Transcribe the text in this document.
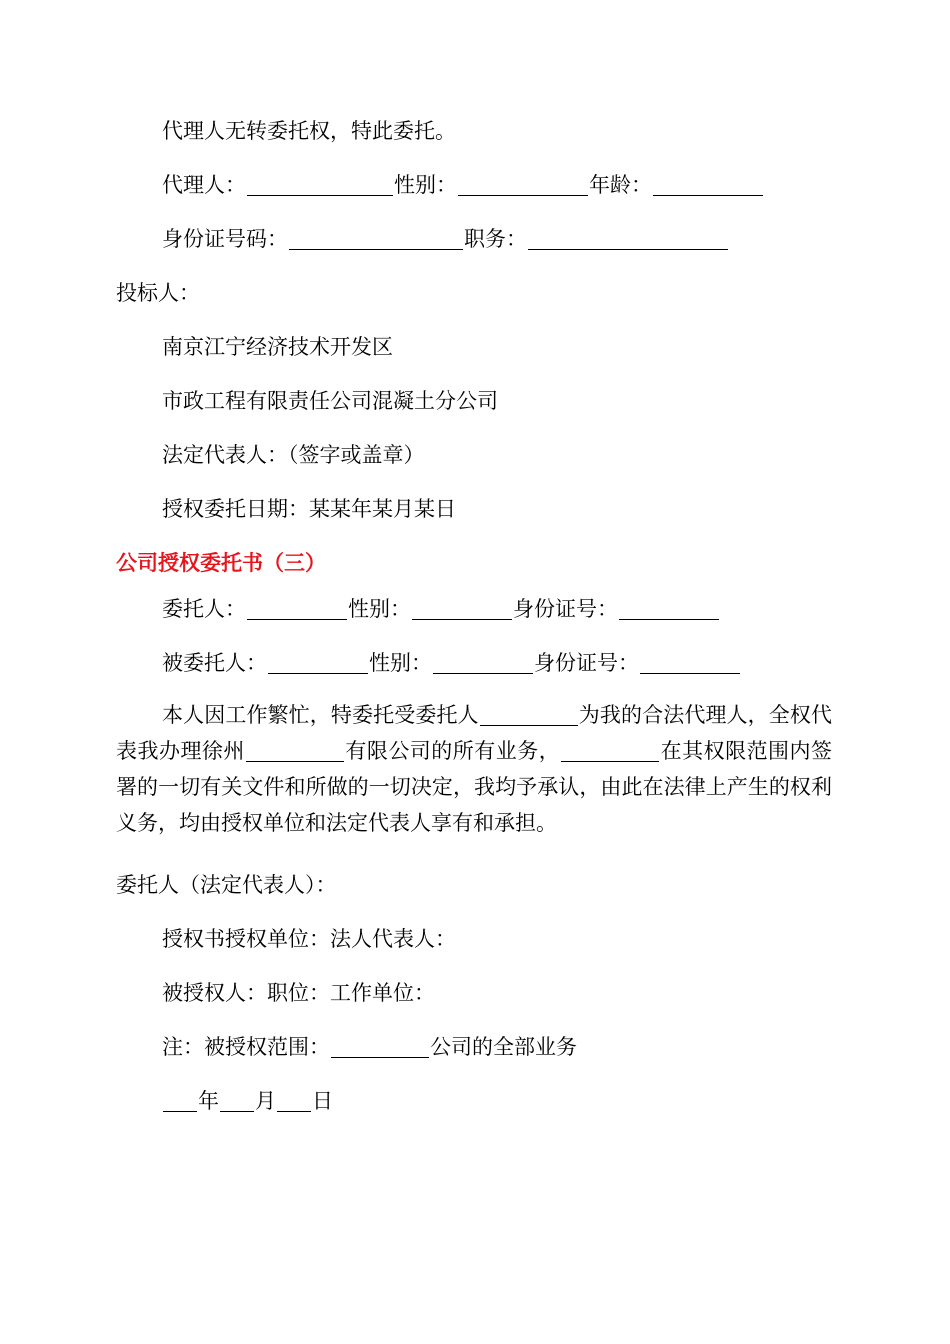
代理人无转委托权，特此委托。

代理人：	性别：	年龄：

身份证号码：	职务：

投标人：

南京江宁经济技术开发区

市政工程有限责任公司混凝土分公司

法定代表人：（签字或盖章）

授权委托日期：某某年某月某日

公司授权委托书（三）

委托人：	性别：	身份证号：

被委托人：	性别：	身份证号：

本人因工作繁忙，特委托受委托人	为我的合法代理人，全权代表我办理徐州	有限公司的所有业务，	在其权限范围内签署的一切有关文件和所做的一切决定，我均予承认，由此在法律上产生的权利义务，均由授权单位和法定代表人享有和承担。

委托人（法定代表人）：

授权书授权单位：法人代表人：

被授权人：职位：工作单位：

注：被授权范围：	公司的全部业务

年 月 日
